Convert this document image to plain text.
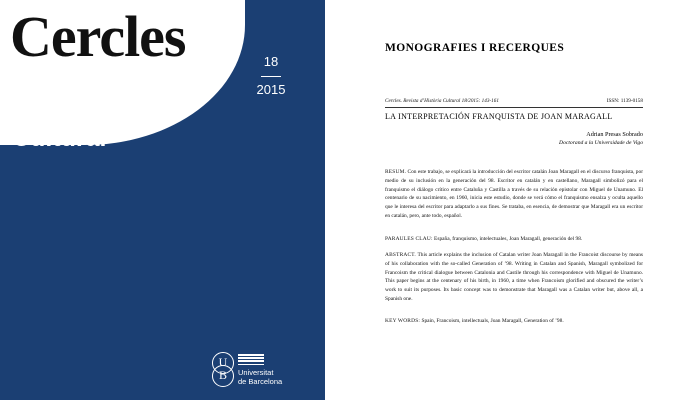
Cercles
Revista
d’Història
Cultural
18
2015
U
B	Universitat
de Barcelona
MONOGRAFIES I RECERQUES
Cercles. Revista d’Història Cultural 18/2015: 143-161	ISSN: 1139-0158
LA INTERPRETACIÓN FRANQUISTA DE JOAN MARAGALL
Adrian Presas Sobrado
Doctorand a la Universidade de Vigo
RESUM. Con este trabajo, se explicará la introducción del escritor catalán Joan Maragall en el discurso franquista, por medio de su inclusión en la generación del 98. Escritor en catalán y en castellano, Maragall simbolizó para el franquismo el diálogo crítico entre Cataluña y Castilla a través de su relación epistolar con Miguel de Unamuno. El centenario de su nacimiento, en 1960, inicia este estudio, donde se verá cómo el franquismo ensalza y oculta aquello que le interesa del escritor para adaptarlo a sus fines. Se trataba, en esencia, de demostrar que Maragall era un escritor en catalán, pero, ante todo, español.
PARAULES CLAU: España, franquismo, intelectuales, Joan Maragall, generación del 98.
ABSTRACT. This article explains the inclusion of Catalan writer Joan Maragall in the Francoist discourse by means of his collaboration with the so-called Generation of ’98. Writing in Catalan and Spanish, Maragall symbolized for Francoism the critical dialogue between Catalonia and Castile through his correspondence with Miguel de Unamuno. This paper begins at the centenary of his birth, in 1960, a time when Francoism glorified and obscured the writer’s work to suit its purposes. Its basic concept was to demonstrate that Maragall was a Catalan writer but, above all, a Spanish one.
KEY WORDS: Spain, Francoism, intellectuals, Joan Maragall, Generation of ’98.
